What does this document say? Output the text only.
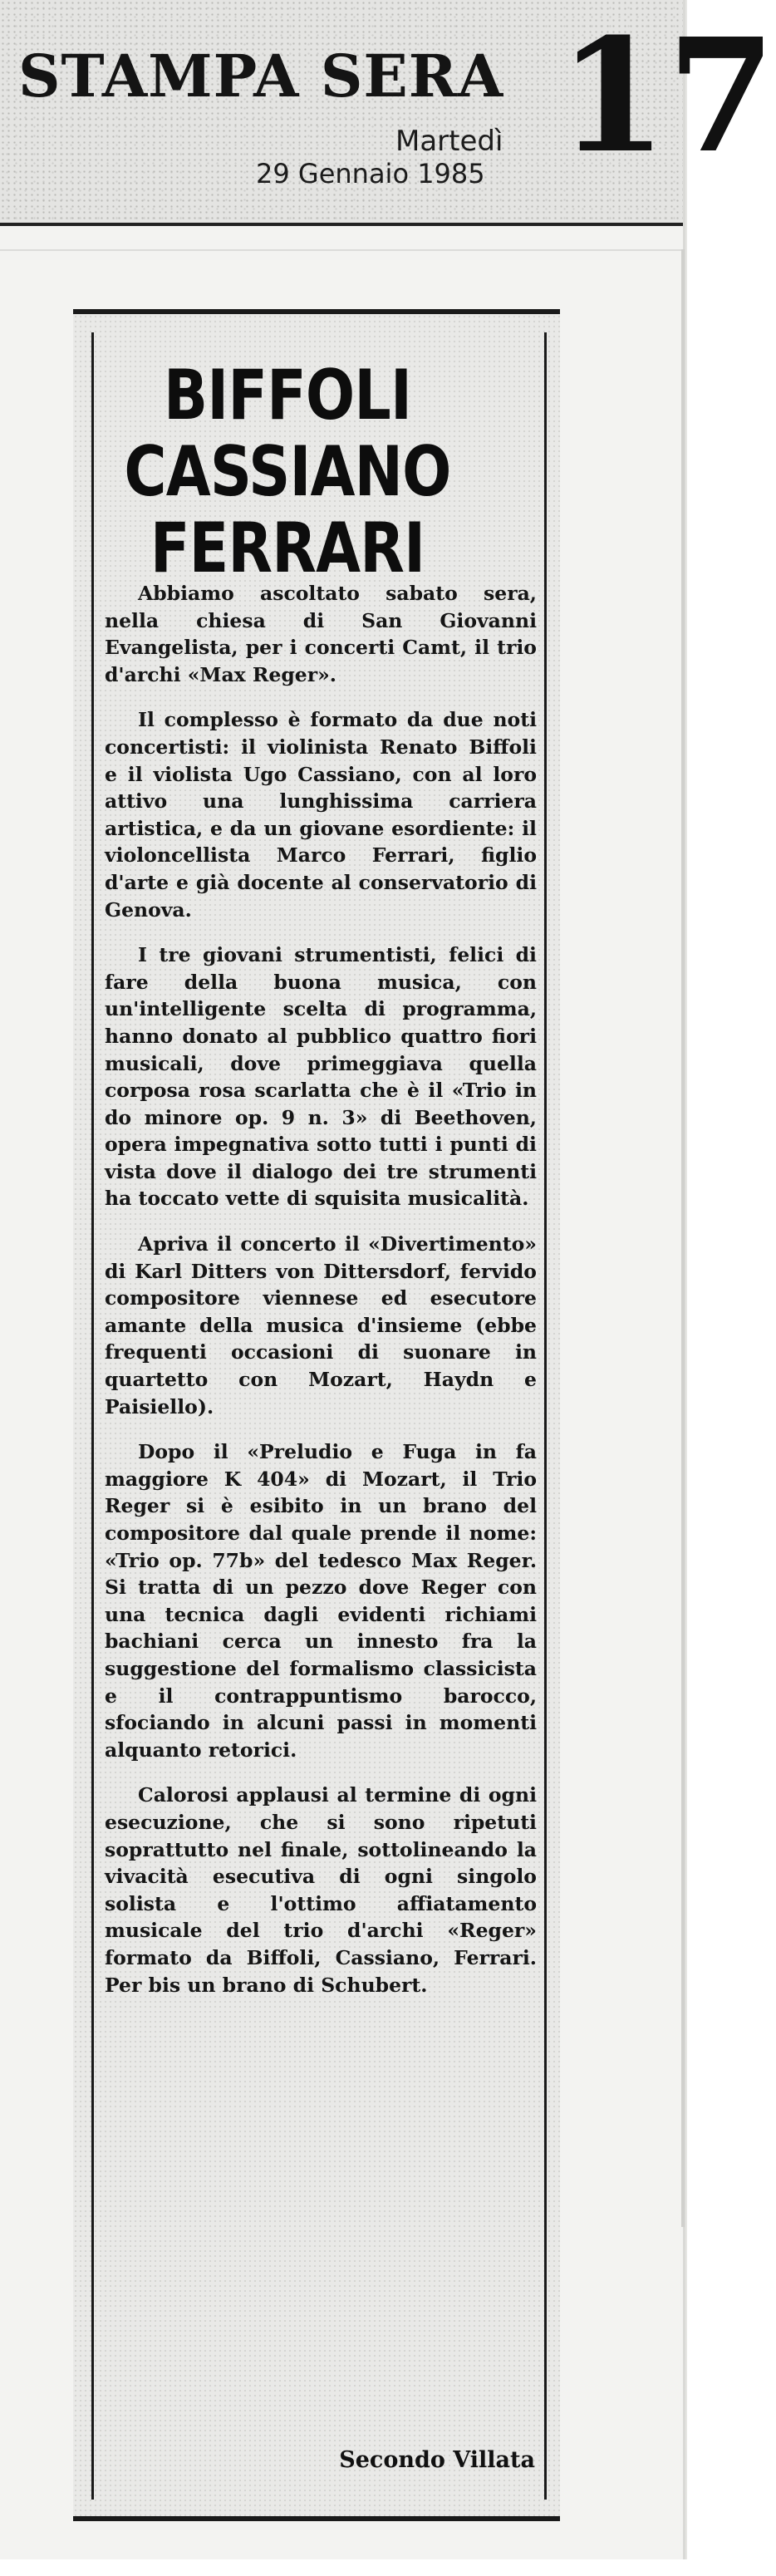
STAMPA SERA
Martedì
29 Gennaio 1985 17
BIFFOLI
CASSIANO
FERRARI

Abbiamo ascoltato sabato sera, nella chiesa di San Giovanni Evangelista, per i concerti Camt, il trio d'archi «Max Reger».

Il complesso è formato da due noti concertisti: il violinista Renato Biffoli e il violista Ugo Cassiano, con al loro attivo una lunghissima carriera artistica, e da un giovane esordiente: il violoncellista Marco Ferrari, figlio d'arte e già docente al conservatorio di Genova.

I tre giovani strumentisti, felici di fare della buona musica, con un'intelligente scelta di programma, hanno donato al pubblico quattro fiori musicali, dove primeggiava quella corposa rosa scarlatta che è il «Trio in do minore op. 9 n. 3» di Beethoven, opera impegnativa sotto tutti i punti di vista dove il dialogo dei tre strumenti ha toccato vette di squisita musicalità.

Apriva il concerto il «Divertimento» di Karl Ditters von Dittersdorf, fervido compositore viennese ed esecutore amante della musica d'insieme (ebbe frequenti occasioni di suonare in quartetto con Mozart, Haydn e Paisiello).

Dopo il «Preludio e Fuga in fa maggiore K 404» di Mozart, il Trio Reger si è esibito in un brano del compositore dal quale prende il nome: «Trio op. 77b» del tedesco Max Reger. Si tratta di un pezzo dove Reger con una tecnica dagli evidenti richiami bachiani cerca un innesto fra la suggestione del formalismo classicista e il contrappuntismo barocco, sfociando in alcuni passi in momenti alquanto retorici.

Calorosi applausi al termine di ogni esecuzione, che si sono ripetuti soprattutto nel finale, sottolineando la vivacità esecutiva di ogni singolo solista e l'ottimo affiatamento musicale del trio d'archi «Reger» formato da Biffoli, Cassiano, Ferrari. Per bis un brano di Schubert.

Secondo Villata
